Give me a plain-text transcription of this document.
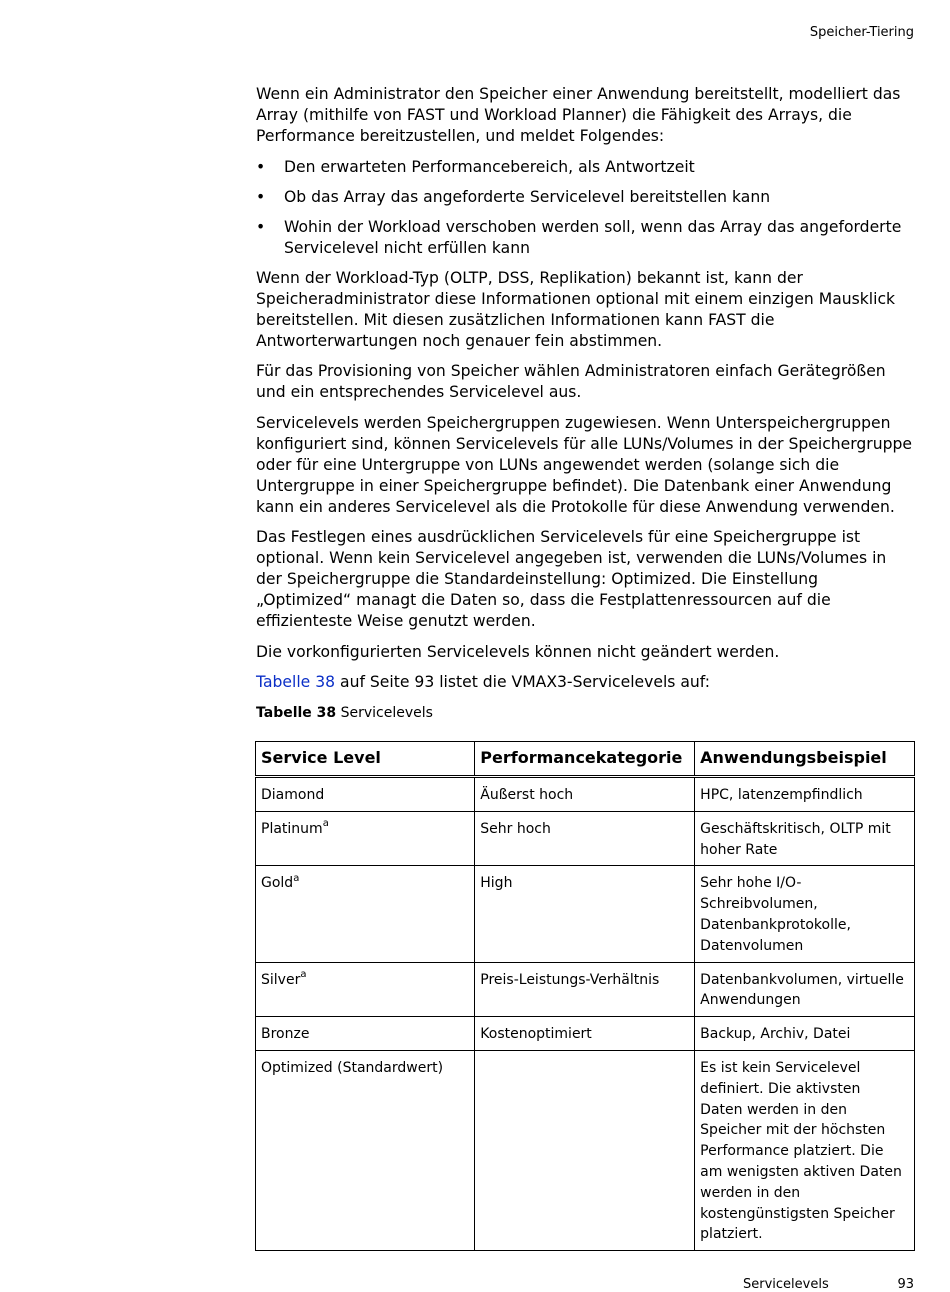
Speicher-Tiering

Wenn ein Administrator den Speicher einer Anwendung bereitstellt, modelliert das Array (mithilfe von FAST und Workload Planner) die Fähigkeit des Arrays, die Performance bereitzustellen, und meldet Folgendes:

• Den erwarteten Performancebereich, als Antwortzeit
• Ob das Array das angeforderte Servicelevel bereitstellen kann
• Wohin der Workload verschoben werden soll, wenn das Array das angeforderte Servicelevel nicht erfüllen kann

Wenn der Workload-Typ (OLTP, DSS, Replikation) bekannt ist, kann der Speicheradministrator diese Informationen optional mit einem einzigen Mausklick bereitstellen. Mit diesen zusätzlichen Informationen kann FAST die Antworterwartungen noch genauer fein abstimmen.

Für das Provisioning von Speicher wählen Administratoren einfach Gerätegrößen und ein entsprechendes Servicelevel aus.

Servicelevels werden Speichergruppen zugewiesen. Wenn Unterspeichergruppen konfiguriert sind, können Servicelevels für alle LUNs/Volumes in der Speichergruppe oder für eine Untergruppe von LUNs angewendet werden (solange sich die Untergruppe in einer Speichergruppe befindet). Die Datenbank einer Anwendung kann ein anderes Servicelevel als die Protokolle für diese Anwendung verwenden.

Das Festlegen eines ausdrücklichen Servicelevels für eine Speichergruppe ist optional. Wenn kein Servicelevel angegeben ist, verwenden die LUNs/Volumes in der Speichergruppe die Standardeinstellung: Optimized. Die Einstellung „Optimized“ managt die Daten so, dass die Festplattenressourcen auf die effizienteste Weise genutzt werden.

Die vorkonfigurierten Servicelevels können nicht geändert werden.

Tabelle 38 auf Seite 93 listet die VMAX3-Servicelevels auf:

Tabelle 38 Servicelevels
Service Level	Performancekategorie	Anwendungsbeispiel
Diamond	Äußerst hoch	HPC, latenzempfindlich
Platinum$^a$	Sehr hoch	Geschäftskritisch, OLTP mit hoher Rate
Gold$^a$	High	Sehr hohe I/O-Schreibvolumen, Datenbankprotokolle, Datenvolumen
Silver$^a$	Preis-Leistungs-Verhältnis	Datenbankvolumen, virtuelle Anwendungen
Bronze	Kostenoptimiert	Backup, Archiv, Datei
Optimized (Standardwert)		Es ist kein Servicelevel definiert. Die aktivsten Daten werden in den Speicher mit der höchsten Performance platziert. Die am wenigsten aktiven Daten werden in den kostengünstigsten Speicher platziert.
Servicelevels	93
